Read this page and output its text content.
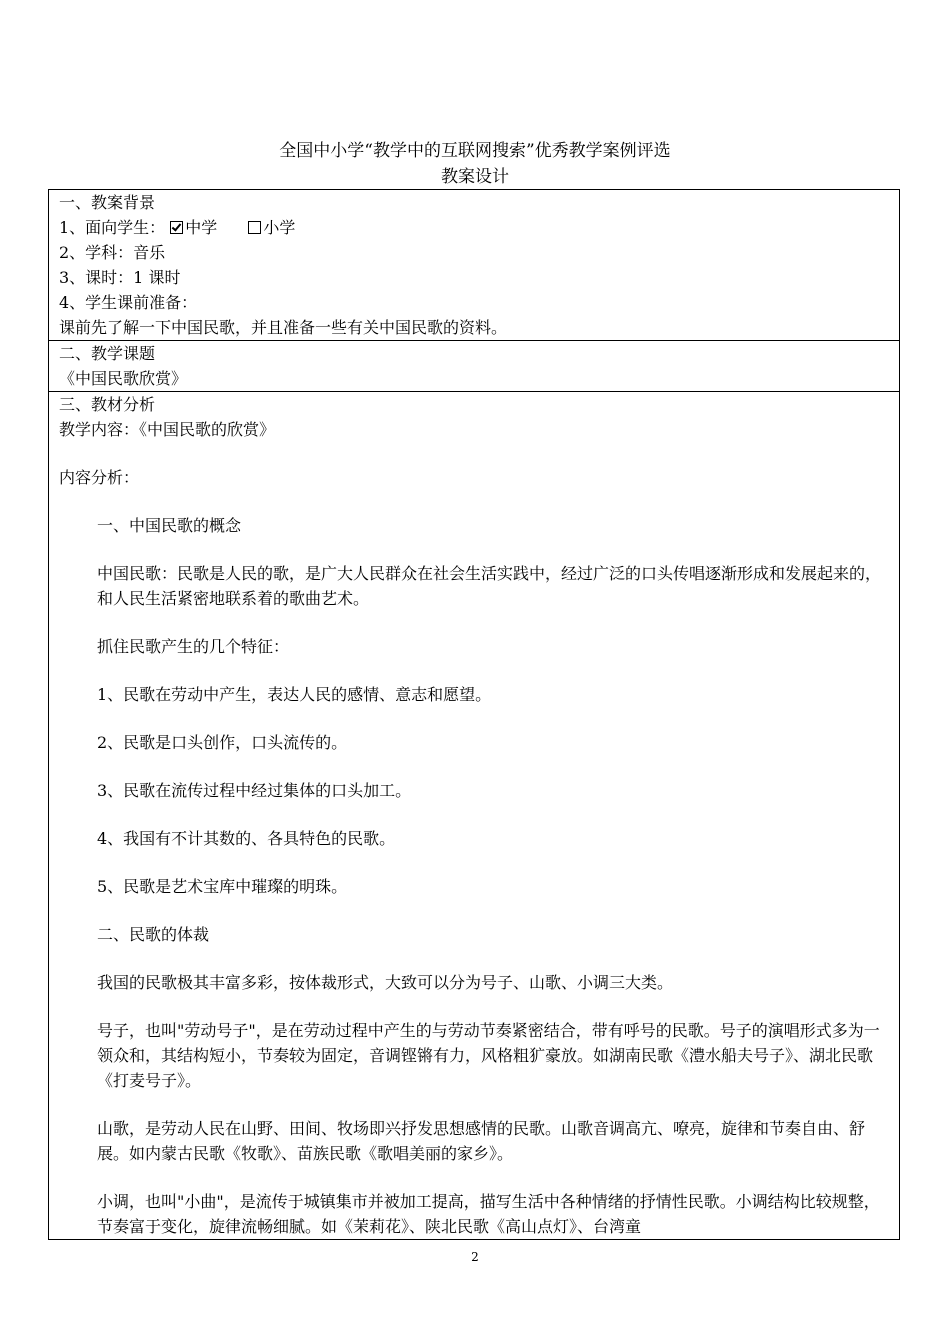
全国中小学“教学中的互联网搜索”优秀教学案例评选
教案设计
一、教案背景
1、面向学生： 中学	小学
2、学科：音乐
3、课时：1 课时
4、学生课前准备：
课前先了解一下中国民歌，并且准备一些有关中国民歌的资料。

二、教学课题
《中国民歌欣赏》

三、教材分析
教学内容：《中国民歌的欣赏》
内容分析：
一、中国民歌的概念
中国民歌：民歌是人民的歌，是广大人民群众在社会生活实践中，经过广泛的口头传唱逐渐形成和发展起来的，和人民生活紧密地联系着的歌曲艺术。
抓住民歌产生的几个特征：
1、民歌在劳动中产生，表达人民的感情、意志和愿望。
2、民歌是口头创作，口头流传的。
3、民歌在流传过程中经过集体的口头加工。
4、我国有不计其数的、各具特色的民歌。
5、民歌是艺术宝库中璀璨的明珠。
二、民歌的体裁
我国的民歌极其丰富多彩，按体裁形式，大致可以分为号子、山歌、小调三大类。
号子，也叫"劳动号子"，是在劳动过程中产生的与劳动节奏紧密结合，带有呼号的民歌。号子的演唱形式多为一领众和，其结构短小，节奏较为固定，音调铿锵有力，风格粗犷豪放。如湖南民歌《澧水船夫号子》、湖北民歌《打麦号子》。
山歌，是劳动人民在山野、田间、牧场即兴抒发思想感情的民歌。山歌音调高亢、嘹亮，旋律和节奏自由、舒展。如内蒙古民歌《牧歌》、苗族民歌《歌唱美丽的家乡》。
小调，也叫"小曲"，是流传于城镇集市并被加工提高，描写生活中各种情绪的抒情性民歌。小调结构比较规整，节奏富于变化，旋律流畅细腻。如《茉莉花》、陕北民歌《高山点灯》、台湾童
2
